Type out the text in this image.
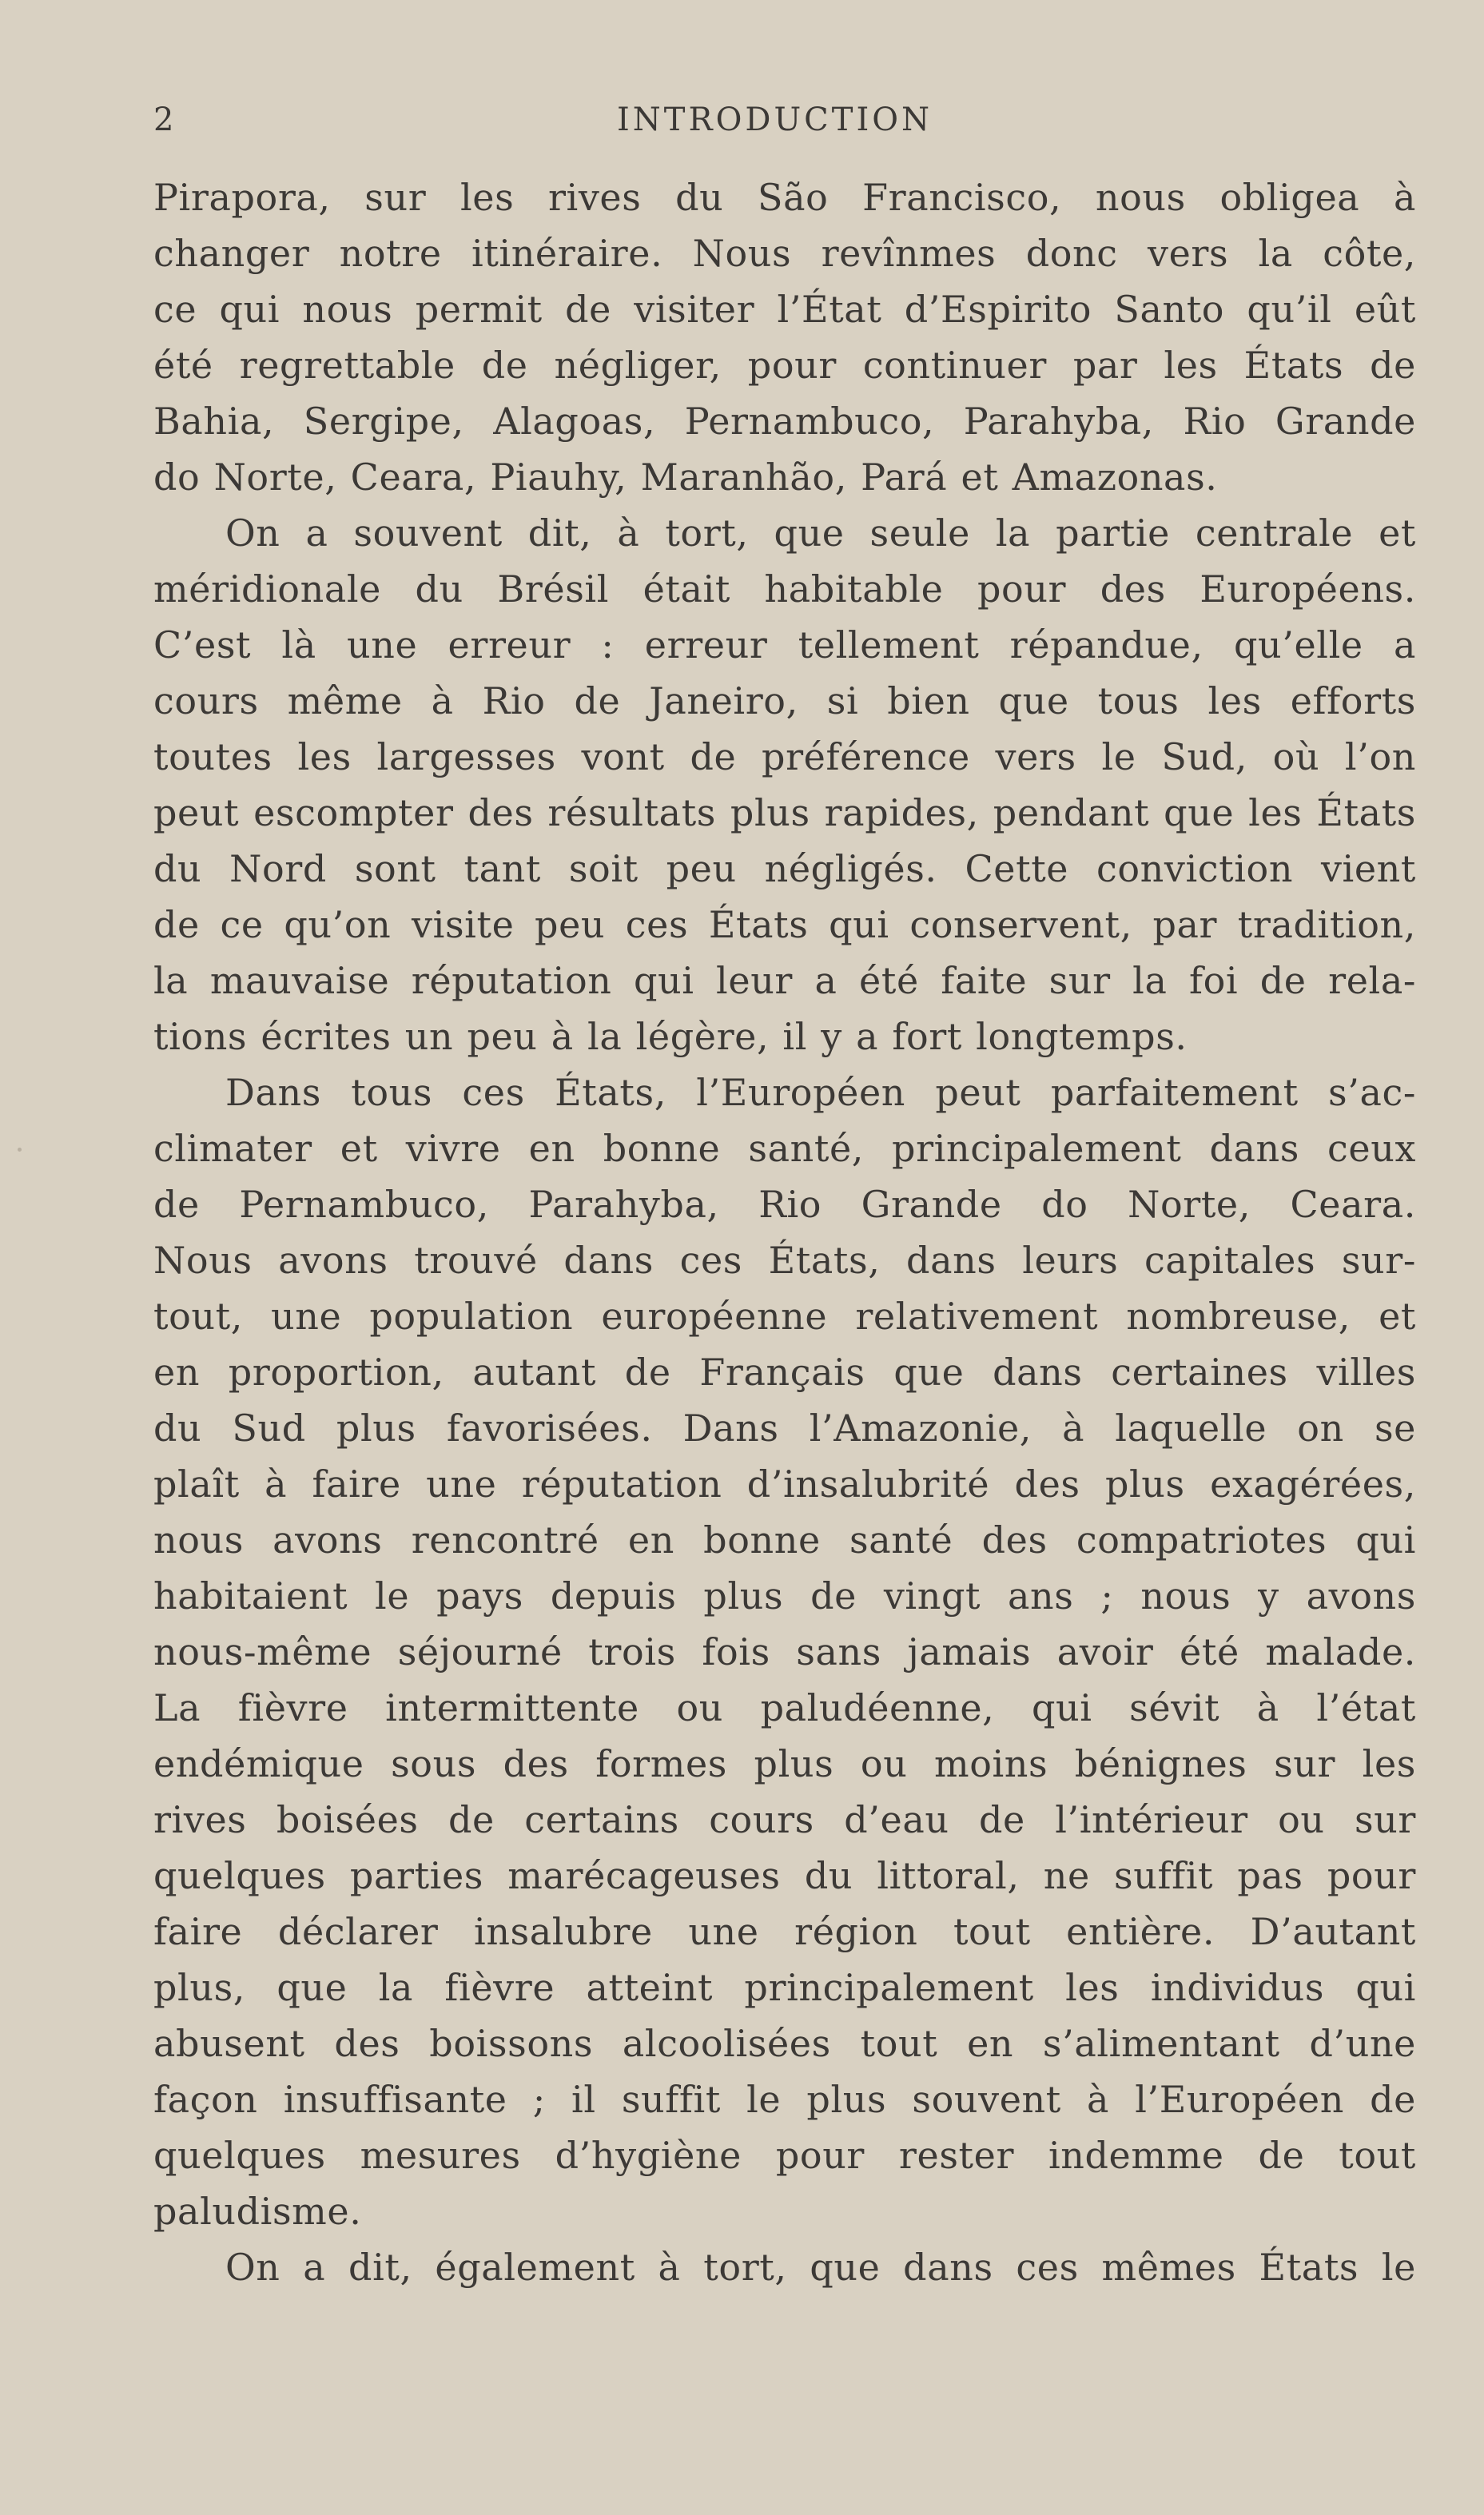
2	INTRODUCTION
Pirapora, sur les rives du São Francisco, nous obligea à
changer notre itinéraire. Nous revînmes donc vers la côte,
ce qui nous permit de visiter l’État d’Espirito Santo qu’il eût
été regrettable de négliger, pour continuer par les États de
Bahia, Sergipe, Alagoas, Pernambuco, Parahyba, Rio Grande
do Norte, Ceara, Piauhy, Maranhão, Pará et Amazonas.
On a souvent dit, à tort, que seule la partie centrale et
méridionale du Brésil était habitable pour des Européens.
C’est là une erreur : erreur tellement répandue, qu’elle a
cours même à Rio de Janeiro, si bien que tous les efforts
toutes les largesses vont de préférence vers le Sud, où l’on
peut escompter des résultats plus rapides, pendant que les États
du Nord sont tant soit peu négligés. Cette conviction vient
de ce qu’on visite peu ces États qui conservent, par tradition,
la mauvaise réputation qui leur a été faite sur la foi de rela-
tions écrites un peu à la légère, il y a fort longtemps.
Dans tous ces États, l’Européen peut parfaitement s’ac-
climater et vivre en bonne santé, principalement dans ceux
de Pernambuco, Parahyba, Rio Grande do Norte, Ceara.
Nous avons trouvé dans ces États, dans leurs capitales sur-
tout, une population européenne relativement nombreuse, et
en proportion, autant de Français que dans certaines villes
du Sud plus favorisées. Dans l’Amazonie, à laquelle on se
plaît à faire une réputation d’insalubrité des plus exagérées,
nous avons rencontré en bonne santé des compatriotes qui
habitaient le pays depuis plus de vingt ans ; nous y avons
nous-même séjourné trois fois sans jamais avoir été malade.
La fièvre intermittente ou paludéenne, qui sévit à l’état
endémique sous des formes plus ou moins bénignes sur les
rives boisées de certains cours d’eau de l’intérieur ou sur
quelques parties marécageuses du littoral, ne suffit pas pour
faire déclarer insalubre une région tout entière. D’autant
plus, que la fièvre atteint principalement les individus qui
abusent des boissons alcoolisées tout en s’alimentant d’une
façon insuffisante ; il suffit le plus souvent à l’Européen de
quelques mesures d’hygiène pour rester indemme de tout
paludisme.
On a dit, également à tort, que dans ces mêmes États le
